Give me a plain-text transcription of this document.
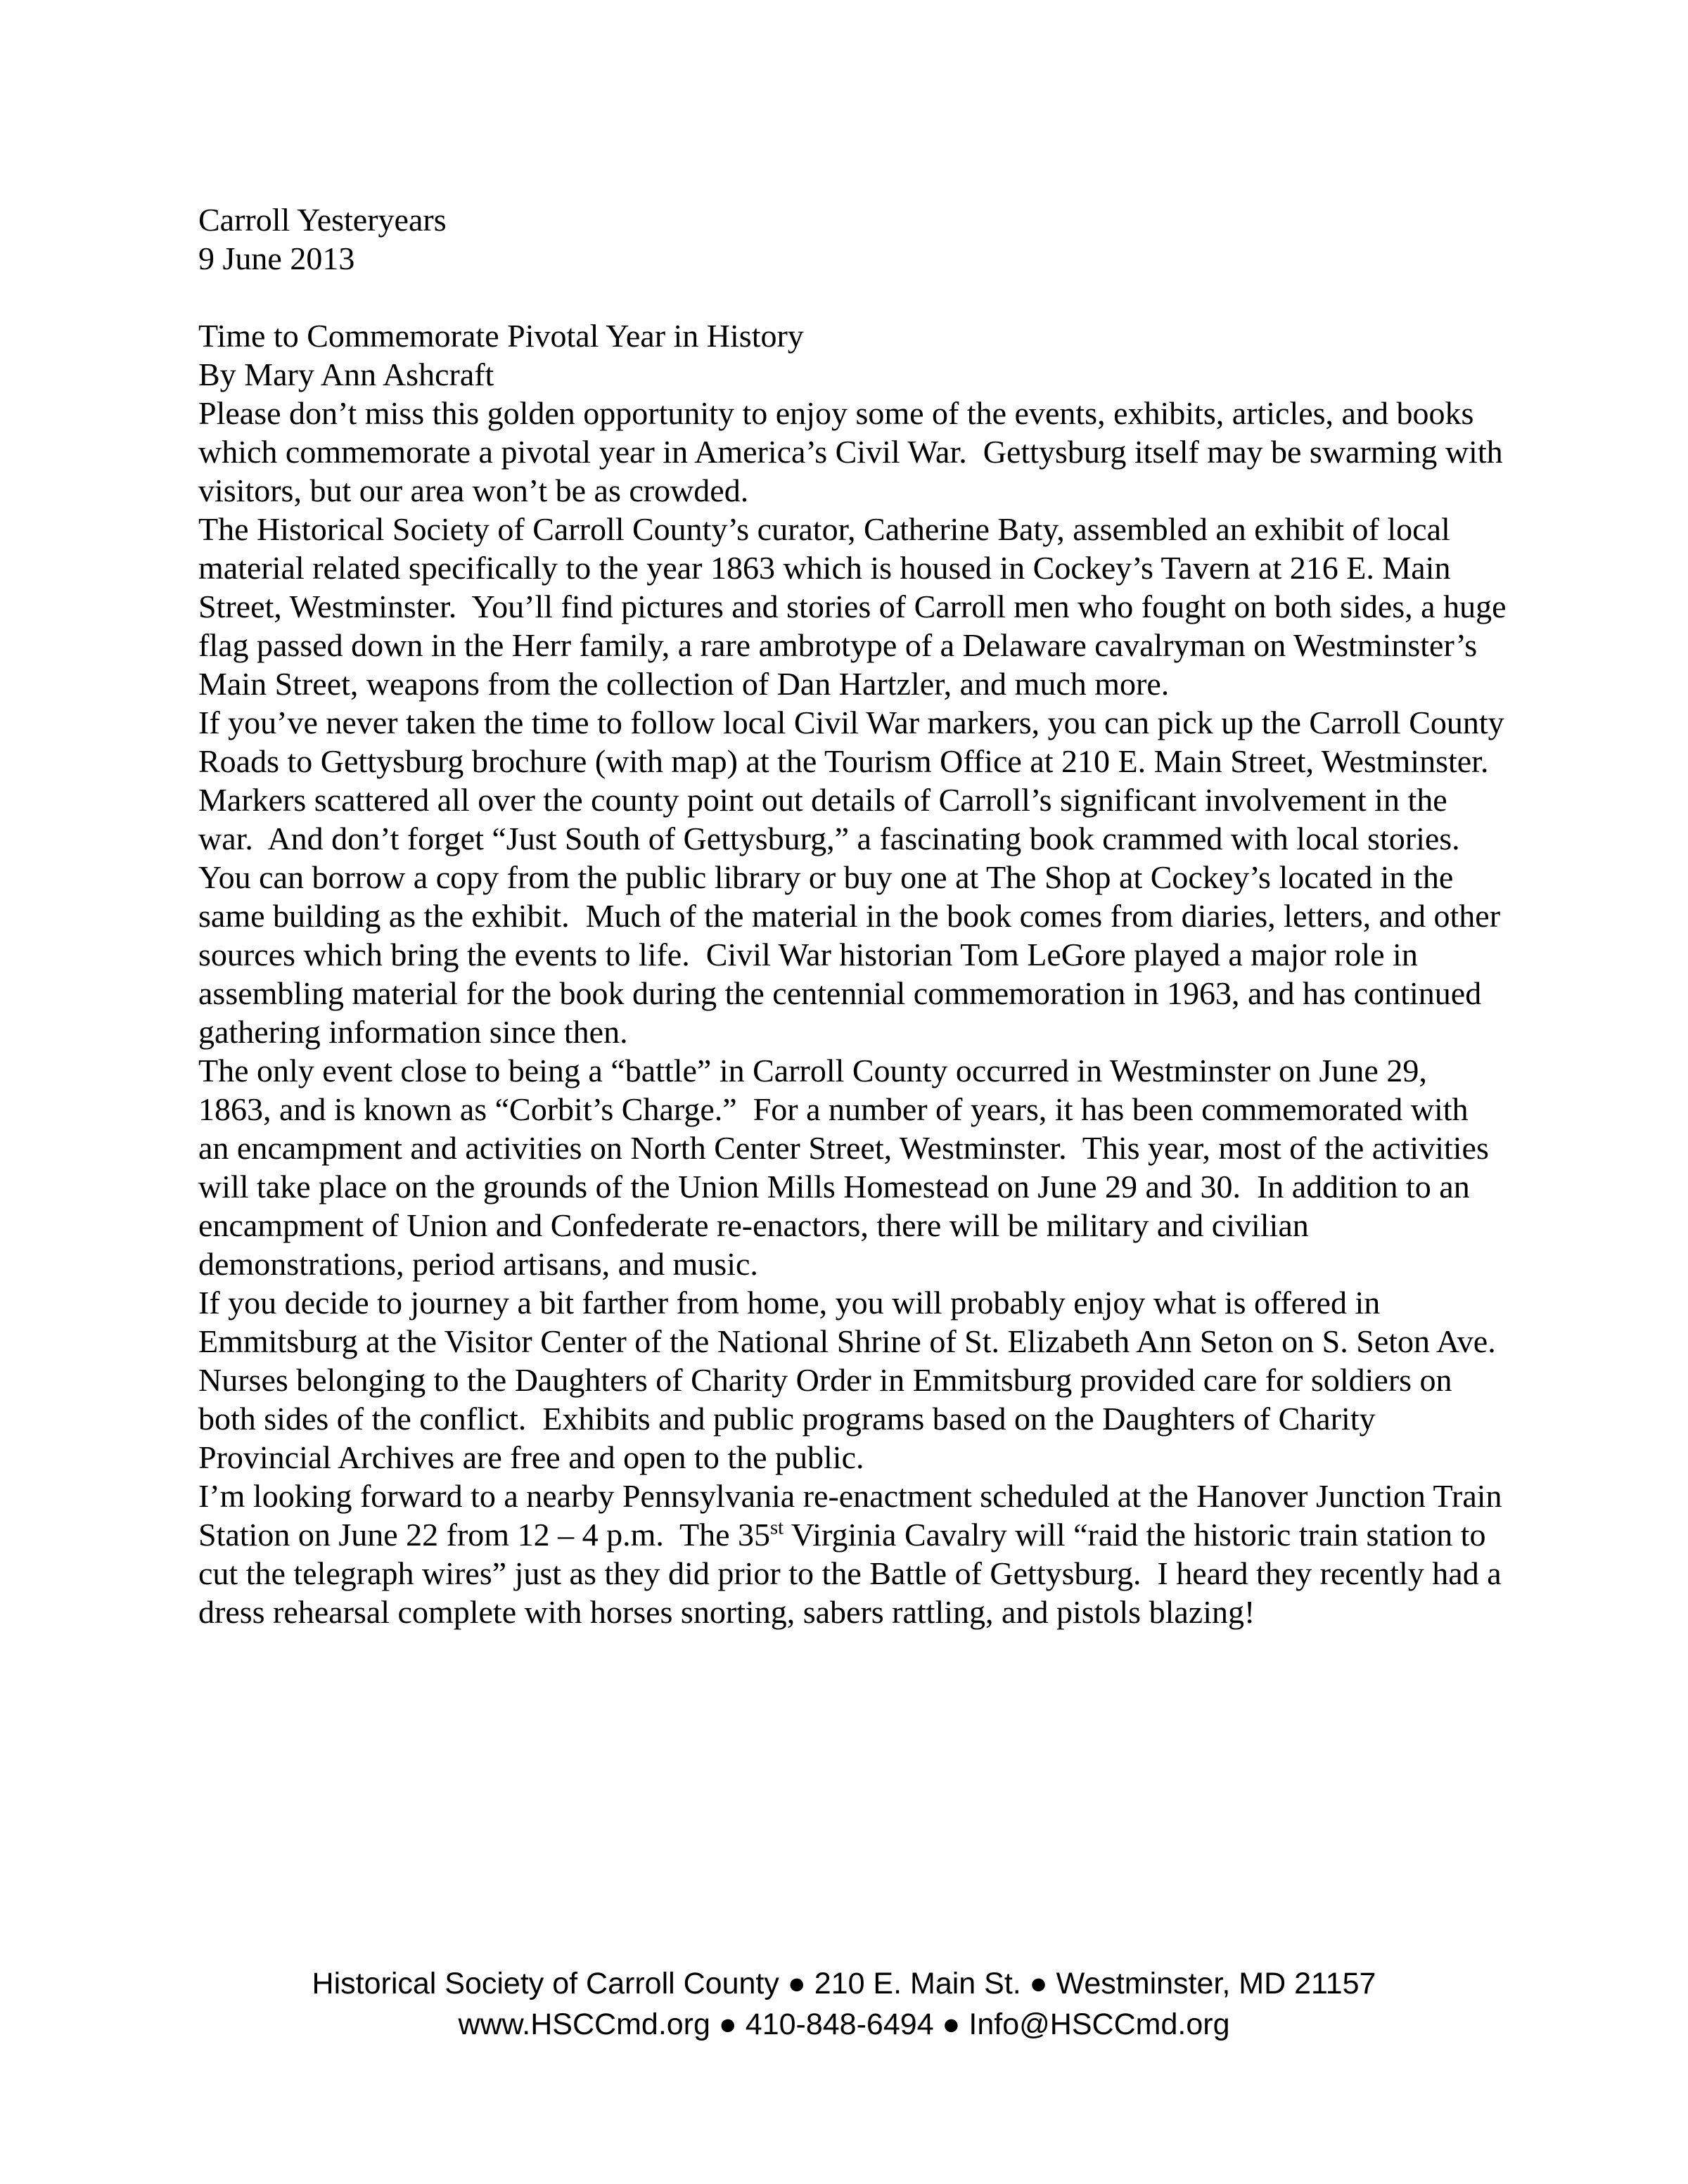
Carroll Yesteryears

9 June 2013

Time to Commemorate Pivotal Year in History

By Mary Ann Ashcraft

Please don’t miss this golden opportunity to enjoy some of the events, exhibits, articles, and books which commemorate a pivotal year in America’s Civil War.  Gettysburg itself may be swarming with visitors, but our area won’t be as crowded.

The Historical Society of Carroll County’s curator, Catherine Baty, assembled an exhibit of local material related specifically to the year 1863 which is housed in Cockey’s Tavern at 216 E. Main Street, Westminster.  You’ll find pictures and stories of Carroll men who fought on both sides, a huge flag passed down in the Herr family, a rare ambrotype of a Delaware cavalryman on Westminster’s Main Street, weapons from the collection of Dan Hartzler, and much more.

If you’ve never taken the time to follow local Civil War markers, you can pick up the Carroll County Roads to Gettysburg brochure (with map) at the Tourism Office at 210 E. Main Street, Westminster.  Markers scattered all over the county point out details of Carroll’s significant involvement in the war.  And don’t forget “Just South of Gettysburg,” a fascinating book crammed with local stories.  You can borrow a copy from the public library or buy one at The Shop at Cockey’s located in the same building as the exhibit.  Much of the material in the book comes from diaries, letters, and other sources which bring the events to life.  Civil War historian Tom LeGore played a major role in assembling material for the book during the centennial commemoration in 1963, and has continued gathering information since then.

The only event close to being a “battle” in Carroll County occurred in Westminster on June 29, 1863, and is known as “Corbit’s Charge.”  For a number of years, it has been commemorated with an encampment and activities on North Center Street, Westminster.  This year, most of the activities will take place on the grounds of the Union Mills Homestead on June 29 and 30.  In addition to an encampment of Union and Confederate re-enactors, there will be military and civilian demonstrations, period artisans, and music.

If you decide to journey a bit farther from home, you will probably enjoy what is offered in Emmitsburg at the Visitor Center of the National Shrine of St. Elizabeth Ann Seton on S. Seton Ave.   Nurses belonging to the Daughters of Charity Order in Emmitsburg provided care for soldiers on both sides of the conflict.  Exhibits and public programs based on the Daughters of Charity Provincial Archives are free and open to the public.

I’m looking forward to a nearby Pennsylvania re-enactment scheduled at the Hanover Junction Train Station on June 22 from 12 – 4 p.m.  The 35st Virginia Cavalry will “raid the historic train station to cut the telegraph wires” just as they did prior to the Battle of Gettysburg.  I heard they recently had a dress rehearsal complete with horses snorting, sabers rattling, and pistols blazing!

Historical Society of Carroll County ● 210 E. Main St. ● Westminster, MD 21157

www.HSCCmd.org ● 410-848-6494 ● Info@HSCCmd.org
